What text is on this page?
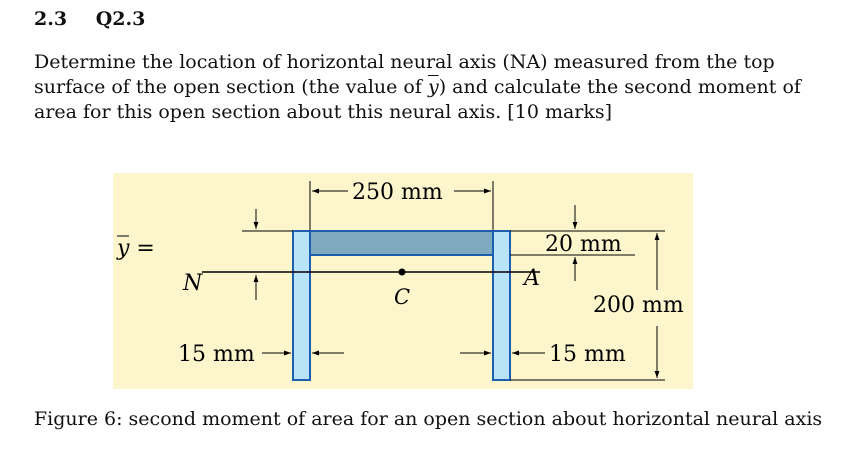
2.3 Q2.3

Determine the location of horizontal neural axis (NA) measured from the top surface of the open section (the value of $\overline{y}$) and calculate the second moment of area for this open section about this neural axis. [10 marks]

y =
N	A
C
250 mm
20 mm
200 mm
15 mm	15 mm
Figure 6: second moment of area for an open section about horizontal neural axis
